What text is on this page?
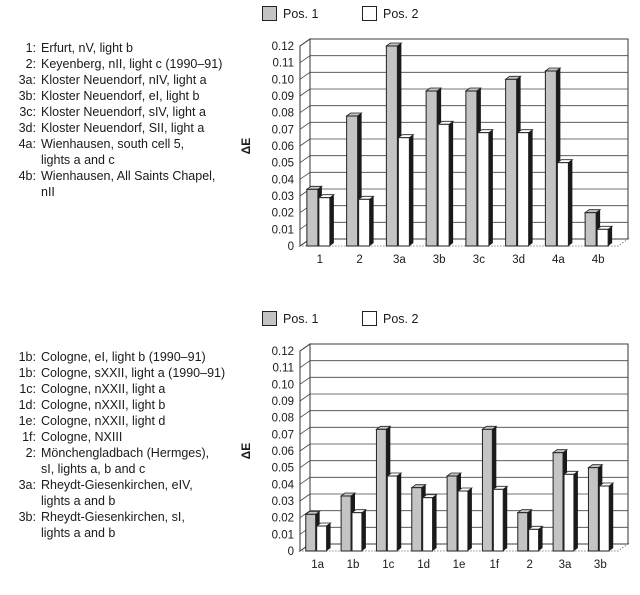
Pos. 1	Pos. 2
1: Erfurt, nV, light b
2: Keyenberg, nII, light c (1990–91)
3a: Kloster Neuendorf, nIV, light a
3b: Kloster Neuendorf, eI, light b
3c: Kloster Neuendorf, sIV, light a
3d: Kloster Neuendorf, SII, light a
4a: Wienhausen, south cell 5,
lights a and c
4b: Wienhausen, All Saints Chapel,
nII
0
0.01
0.02
0.03
0.04
0.05
0.06
0.07
0.08
0.09
0.10
0.11
0.12
ΔE
1	2	3a 3b 3c 3d 4a 4b
Pos. 1	Pos. 2
1b: Cologne, eI, light b (1990–91)
1b: Cologne, sXXII, light a (1990–91)
1c: Cologne, nXXII, light a
1d: Cologne, nXXII, light b
1e: Cologne, nXXII, light d
1f: Cologne, NXIII
2: Mönchengladbach (Hermges),
sI, lights a, b and c
3a: Rheydt-Giesenkirchen, eIV,
lights a and b
3b: Rheydt-Giesenkirchen, sI,
lights a and b
0
0.01
0.02
0.03
0.04
0.05
0.06
0.07
0.08
0.09
0.10
0.11
0.12
ΔE
1a 1b 1c 1d 1e 1f 2 3a 3b
